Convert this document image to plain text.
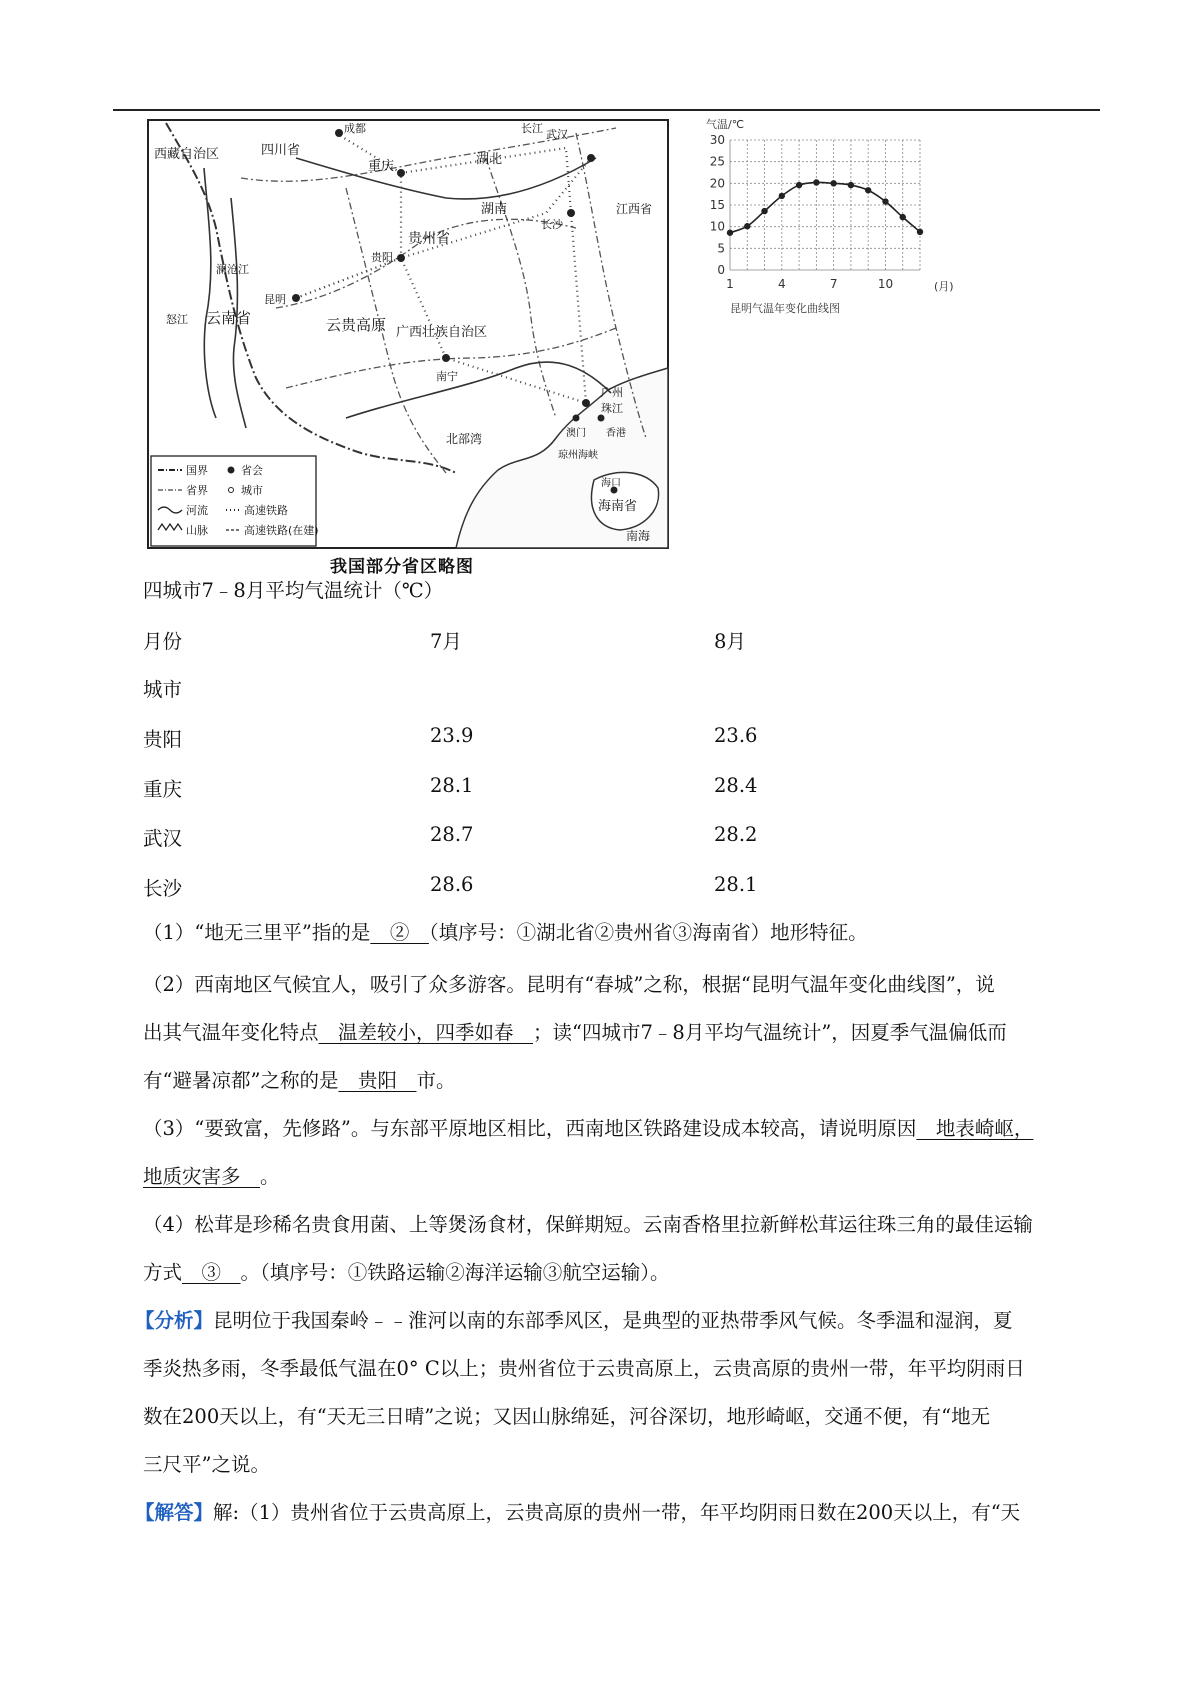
西藏自治区	四川省
成都
重庆	湖北
武汉
长江
湖南
长沙
江西省
贵州省
贵阳
云贵高原
云南省
昆明
广西壮族自治区
南宁
广州
珠江
澳门 香港
北部湾
琼州海峡
海口
海南省
南海
怒江
澜沧江
国界
省界
河流
山脉
省会
城市
高速铁路
高速铁路(在建)
我国部分省区略图
气温/℃
0
5
10
15
20
25
30
1	4	7	10	(月)
昆明气温年变化曲线图
四城市7﹣8月平均气温统计（℃）
月份	7月	8月
城市
贵阳	23.9	23.6
重庆	28.1	28.4
武汉	28.7	28.2
长沙	28.6	28.1
（1）“地无三里平”指的是　②　（填序号：①湖北省②贵州省③海南省）地形特征。
（2）西南地区气候宜人，吸引了众多游客。昆明有“春城”之称，根据“昆明气温年变化曲线图”，说
出其气温年变化特点　温差较小，四季如春　；读“四城市7﹣8月平均气温统计”，因夏季气温偏低而
有“避暑凉都”之称的是　贵阳　市。
（3）“要致富，先修路”。与东部平原地区相比，西南地区铁路建设成本较高，请说明原因　地表崎岖，
地质灾害多　。
（4）松茸是珍稀名贵食用菌、上等煲汤食材，保鲜期短。云南香格里拉新鲜松茸运往珠三角的最佳运输
方式　③　。（填序号：①铁路运输②海洋运输③航空运输）。
【分析】昆明位于我国秦岭﹣﹣淮河以南的东部季风区，是典型的亚热带季风气候。冬季温和湿润，夏
季炎热多雨，冬季最低气温在0° C以上；贵州省位于云贵高原上，云贵高原的贵州一带，年平均阴雨日
数在200天以上，有“天无三日晴”之说；又因山脉绵延，河谷深切，地形崎岖，交通不便，有“地无
三尺平”之说。
【解答】解:（1）贵州省位于云贵高原上，云贵高原的贵州一带，年平均阴雨日数在200天以上，有“天
